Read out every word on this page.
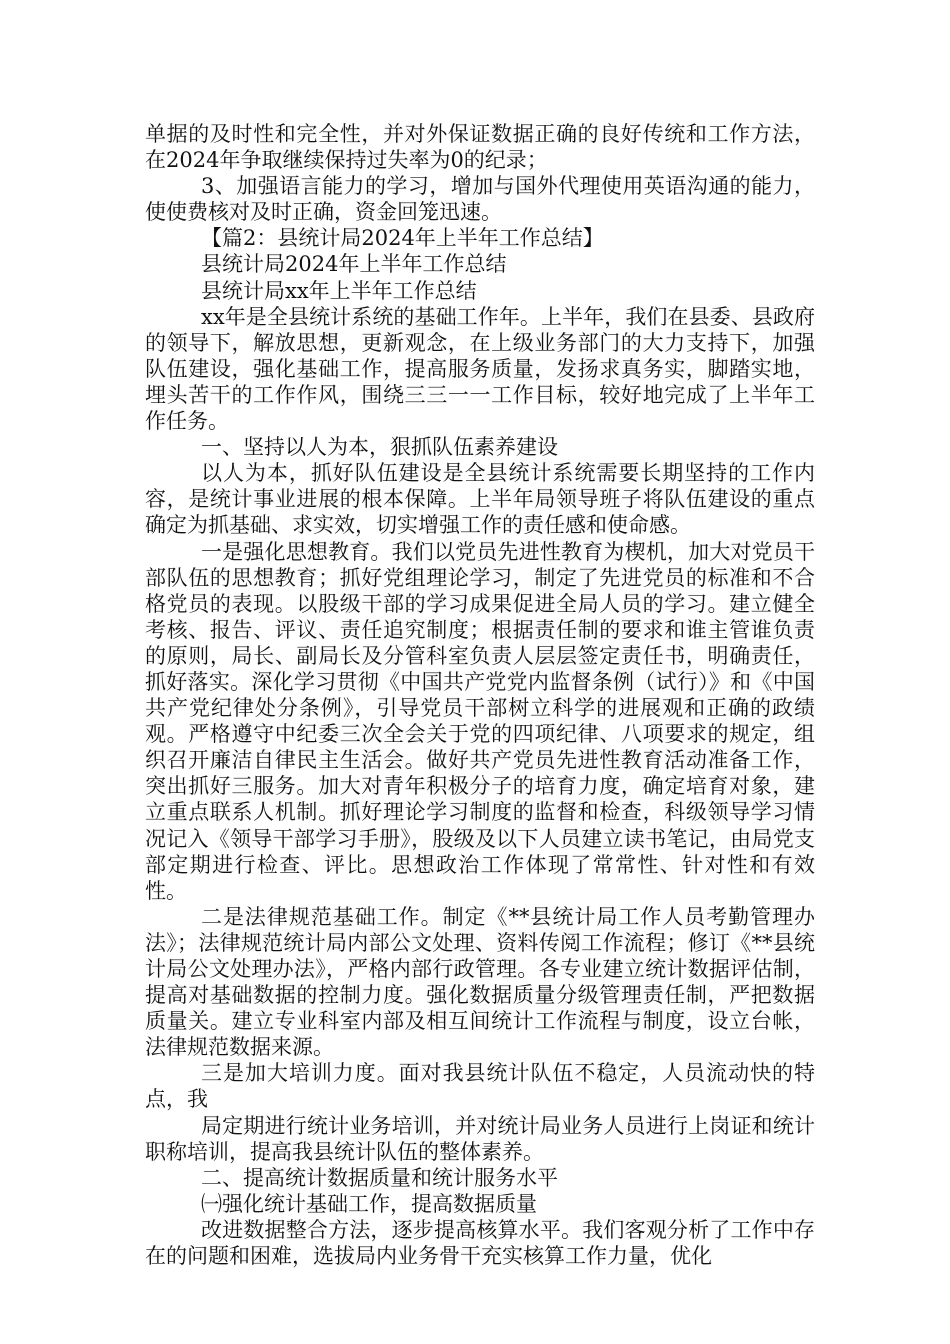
单据的及时性和完全性，并对外保证数据正确的良好传统和工作方法，在2024年争取继续保持过失率为0的纪录；

3、加强语言能力的学习，增加与国外代理使用英语沟通的能力，使使费核对及时正确，资金回笼迅速。

【篇2：县统计局2024年上半年工作总结】

县统计局2024年上半年工作总结

县统计局xx年上半年工作总结

xx年是全县统计系统的基础工作年。上半年，我们在县委、县政府的领导下，解放思想，更新观念，在上级业务部门的大力支持下，加强队伍建设，强化基础工作，提高服务质量，发扬求真务实，脚踏实地，埋头苦干的工作作风，围绕三三一一工作目标，较好地完成了上半年工作任务。

一、坚持以人为本，狠抓队伍素养建设

以人为本，抓好队伍建设是全县统计系统需要长期坚持的工作内容，是统计事业进展的根本保障。上半年局领导班子将队伍建设的重点确定为抓基础、求实效，切实增强工作的责任感和使命感。

一是强化思想教育。我们以党员先进性教育为楔机，加大对党员干部队伍的思想教育；抓好党组理论学习，制定了先进党员的标准和不合格党员的表现。以股级干部的学习成果促进全局人员的学习。建立健全考核、报告、评议、责任追究制度；根据责任制的要求和谁主管谁负责的原则，局长、副局长及分管科室负责人层层签定责任书，明确责任，抓好落实。深化学习贯彻《中国共产党党内监督条例（试行）》和《中国共产党纪律处分条例》，引导党员干部树立科学的进展观和正确的政绩观。严格遵守中纪委三次全会关于党的四项纪律、八项要求的规定，组织召开廉洁自律民主生活会。做好共产党员先进性教育活动准备工作，突出抓好三服务。加大对青年积极分子的培育力度，确定培育对象，建立重点联系人机制。抓好理论学习制度的监督和检查，科级领导学习情况记入《领导干部学习手册》，股级及以下人员建立读书笔记，由局党支部定期进行检查、评比。思想政治工作体现了常常性、针对性和有效性。

二是法律规范基础工作。制定《**县统计局工作人员考勤管理办法》；法律规范统计局内部公文处理、资料传阅工作流程；修订《**县统计局公文处理办法》，严格内部行政管理。各专业建立统计数据评估制，提高对基础数据的控制力度。强化数据质量分级管理责任制，严把数据质量关。建立专业科室内部及相互间统计工作流程与制度，设立台帐，法律规范数据来源。

三是加大培训力度。面对我县统计队伍不稳定，人员流动快的特点，我

局定期进行统计业务培训，并对统计局业务人员进行上岗证和统计职称培训，提高我县统计队伍的整体素养。

二、提高统计数据质量和统计服务水平

㈠强化统计基础工作，提高数据质量

改进数据整合方法，逐步提高核算水平。我们客观分析了工作中存在的问题和困难，选拔局内业务骨干充实核算工作力量，优化
